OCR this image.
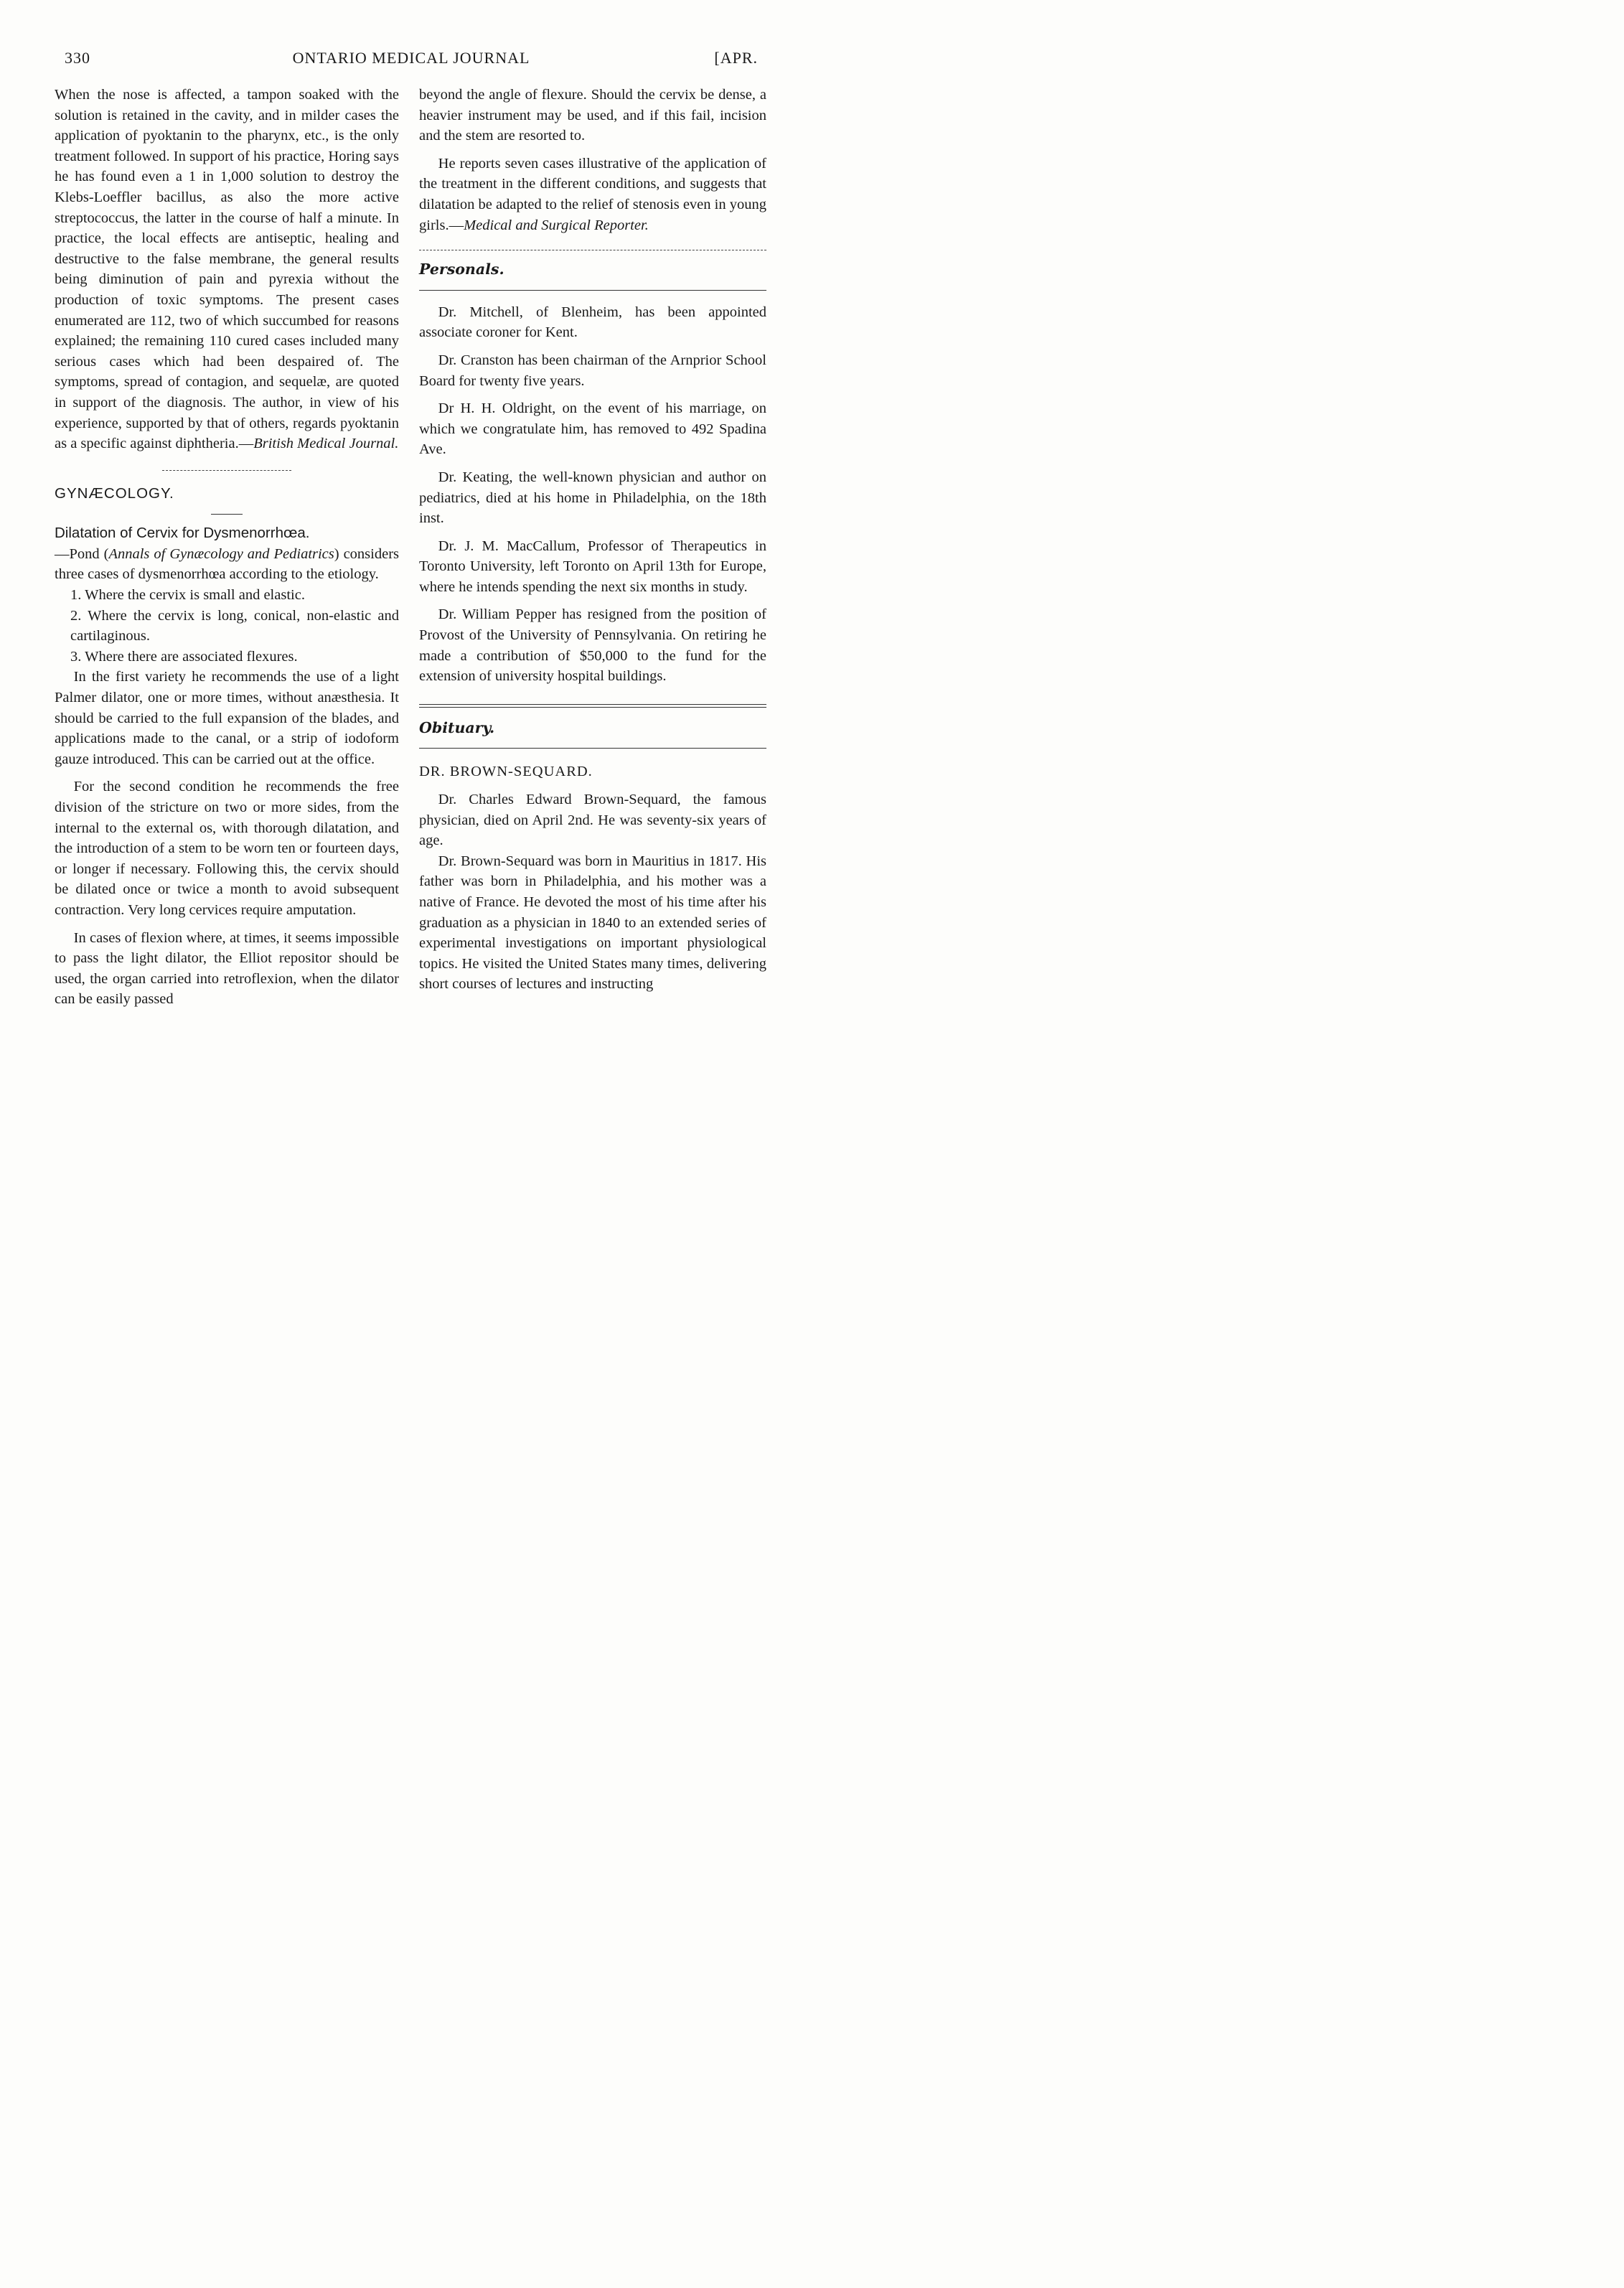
330	ONTARIO MEDICAL JOURNAL	[APR.

When the nose is affected, a tampon soaked with the solution is retained in the cavity, and in milder cases the application of pyoktanin to the pharynx, etc., is the only treatment followed. In support of his practice, Horing says he has found even a 1 in 1,000 solution to destroy the Klebs-Loeffler bacillus, as also the more active streptococcus, the latter in the course of half a minute. In practice, the local effects are antiseptic, healing and destructive to the false membrane, the general results being diminution of pain and pyrexia without the production of toxic symptoms. The present cases enumerated are 112, two of which succumbed for reasons explained; the remaining 110 cured cases included many serious cases which had been despaired of. The symptoms, spread of contagion, and sequelæ, are quoted in support of the diagnosis. The author, in view of his experience, supported by that of others, regards pyoktanin as a specific against diphtheria.—British Medical Journal.

GYNÆCOLOGY.

Dilatation of Cervix for Dysmenorrhœa.

—Pond (Annals of Gynæcology and Pediatrics) considers three cases of dysmenorrhœa according to the etiology.

1. Where the cervix is small and elastic.

2. Where the cervix is long, conical, non-elastic and cartilaginous.

3. Where there are associated flexures.

In the first variety he recommends the use of a light Palmer dilator, one or more times, without anæsthesia. It should be carried to the full expansion of the blades, and applications made to the canal, or a strip of iodoform gauze introduced. This can be carried out at the office.

For the second condition he recommends the free division of the stricture on two or more sides, from the internal to the external os, with thorough dilatation, and the introduction of a stem to be worn ten or fourteen days, or longer if necessary. Following this, the cervix should be dilated once or twice a month to avoid subsequent contraction. Very long cervices require amputation.

In cases of flexion where, at times, it seems impossible to pass the light dilator, the Elliot repositor should be used, the organ carried into retroflexion, when the dilator can be easily passed

beyond the angle of flexure. Should the cervix be dense, a heavier instrument may be used, and if this fail, incision and the stem are resorted to.

He reports seven cases illustrative of the application of the treatment in the different conditions, and suggests that dilatation be adapted to the relief of stenosis even in young girls.—Medical and Surgical Reporter.

Personals.

Dr. Mitchell, of Blenheim, has been appointed associate coroner for Kent.

Dr. Cranston has been chairman of the Arnprior School Board for twenty five years.

Dr H. H. Oldright, on the event of his marriage, on which we congratulate him, has removed to 492 Spadina Ave.

Dr. Keating, the well-known physician and author on pediatrics, died at his home in Philadelphia, on the 18th inst.

Dr. J. M. MacCallum, Professor of Therapeutics in Toronto University, left Toronto on April 13th for Europe, where he intends spending the next six months in study.

Dr. William Pepper has resigned from the position of Provost of the University of Pennsylvania. On retiring he made a contribution of $50,000 to the fund for the extension of university hospital buildings.

Obituary.

DR. BROWN-SEQUARD.

Dr. Charles Edward Brown-Sequard, the famous physician, died on April 2nd. He was seventy-six years of age.

Dr. Brown-Sequard was born in Mauritius in 1817. His father was born in Philadelphia, and his mother was a native of France. He devoted the most of his time after his graduation as a physician in 1840 to an extended series of experimental investigations on important physiological topics. He visited the United States many times, delivering short courses of lectures and instructing
